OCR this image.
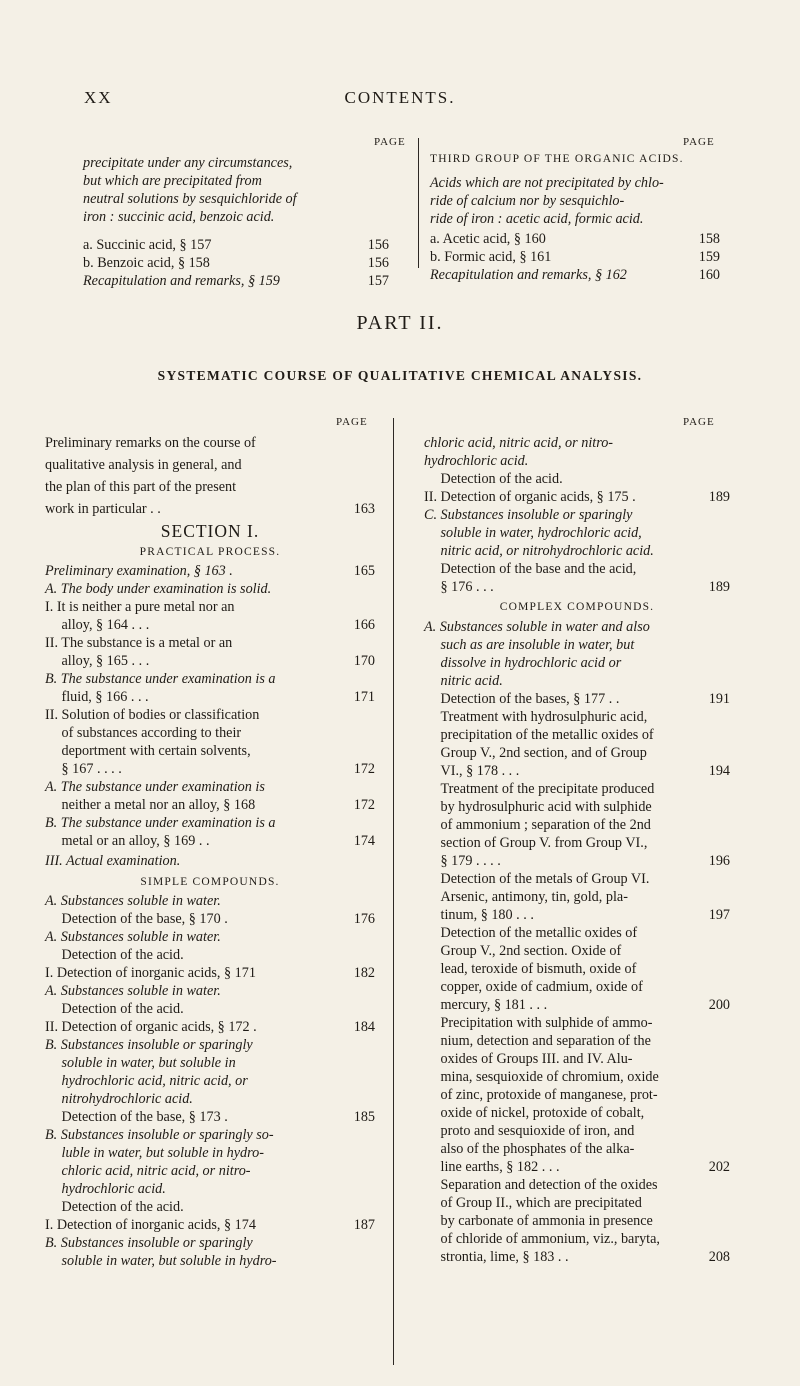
XX	CONTENTS.
PAGE
precipitate under any circumstances,
but which are precipitated from
neutral solutions by sesquichloride of
iron : succinic acid, benzoic acid.
a. Succinic acid, § 157	156
b. Benzoic acid, § 158	156
Recapitulation and remarks, § 159	157
PAGE
THIRD GROUP OF THE ORGANIC ACIDS.
Acids which are not precipitated by chlo-
ride of calcium nor by sesquichlo-
ride of iron : acetic acid, formic acid.
a. Acetic acid, § 160	158
b. Formic acid, § 161	159
Recapitulation and remarks, § 162	160
PART II.
SYSTEMATIC COURSE OF QUALITATIVE CHEMICAL ANALYSIS.
PAGE
Preliminary remarks on the course of
qualitative analysis in general, and
the plan of this part of the present
work in particular . .	163
SECTION I.
PRACTICAL PROCESS.
Preliminary examination, § 163 .	165
A. The body under examination is solid.
I. It is neither a pure metal nor an
alloy, § 164 . . .	166
II. The substance is a metal or an
alloy, § 165 . . .	170
B. The substance under examination is a
fluid, § 166 . . .	171
II. Solution of bodies or classification
of substances according to their
deportment with certain solvents,
§ 167 . . . .	172
A. The substance under examination is
neither a metal nor an alloy, § 168	172
B. The substance under examination is a
metal or an alloy, § 169 . .	174
III. Actual examination.
SIMPLE COMPOUNDS.
A. Substances soluble in water.
Detection of the base, § 170 .	176
A. Substances soluble in water.
Detection of the acid.
I. Detection of inorganic acids, § 171	182
A. Substances soluble in water.
Detection of the acid.
II. Detection of organic acids, § 172 .	184
B. Substances insoluble or sparingly
soluble in water, but soluble in
hydrochloric acid, nitric acid, or
nitrohydrochloric acid.
Detection of the base, § 173 .	185
B. Substances insoluble or sparingly so-
luble in water, but soluble in hydro-
chloric acid, nitric acid, or nitro-
hydrochloric acid.
Detection of the acid.
I. Detection of inorganic acids, § 174	187
B. Substances insoluble or sparingly
soluble in water, but soluble in hydro-
PAGE
chloric acid, nitric acid, or nitro-
hydrochloric acid.
Detection of the acid.
II. Detection of organic acids, § 175 .	189
C. Substances insoluble or sparingly
soluble in water, hydrochloric acid,
nitric acid, or nitrohydrochloric acid.
Detection of the base and the acid,
§ 176 . . .	189
COMPLEX COMPOUNDS.
A. Substances soluble in water and also
such as are insoluble in water, but
dissolve in hydrochloric acid or
nitric acid.
Detection of the bases, § 177 . .	191
Treatment with hydrosulphuric acid,
precipitation of the metallic oxides of
Group V., 2nd section, and of Group
VI., § 178 . . .	194
Treatment of the precipitate produced
by hydrosulphuric acid with sulphide
of ammonium ; separation of the 2nd
section of Group V. from Group VI.,
§ 179 . . . .	196
Detection of the metals of Group VI.
Arsenic, antimony, tin, gold, pla-
tinum, § 180 . . .	197
Detection of the metallic oxides of
Group V., 2nd section. Oxide of
lead, teroxide of bismuth, oxide of
copper, oxide of cadmium, oxide of
mercury, § 181 . . .	200
Precipitation with sulphide of ammo-
nium, detection and separation of the
oxides of Groups III. and IV. Alu-
mina, sesquioxide of chromium, oxide
of zinc, protoxide of manganese, prot-
oxide of nickel, protoxide of cobalt,
proto and sesquioxide of iron, and
also of the phosphates of the alka-
line earths, § 182 . . .	202
Separation and detection of the oxides
of Group II., which are precipitated
by carbonate of ammonia in presence
of chloride of ammonium, viz., baryta,
strontia, lime, § 183 . .	208
